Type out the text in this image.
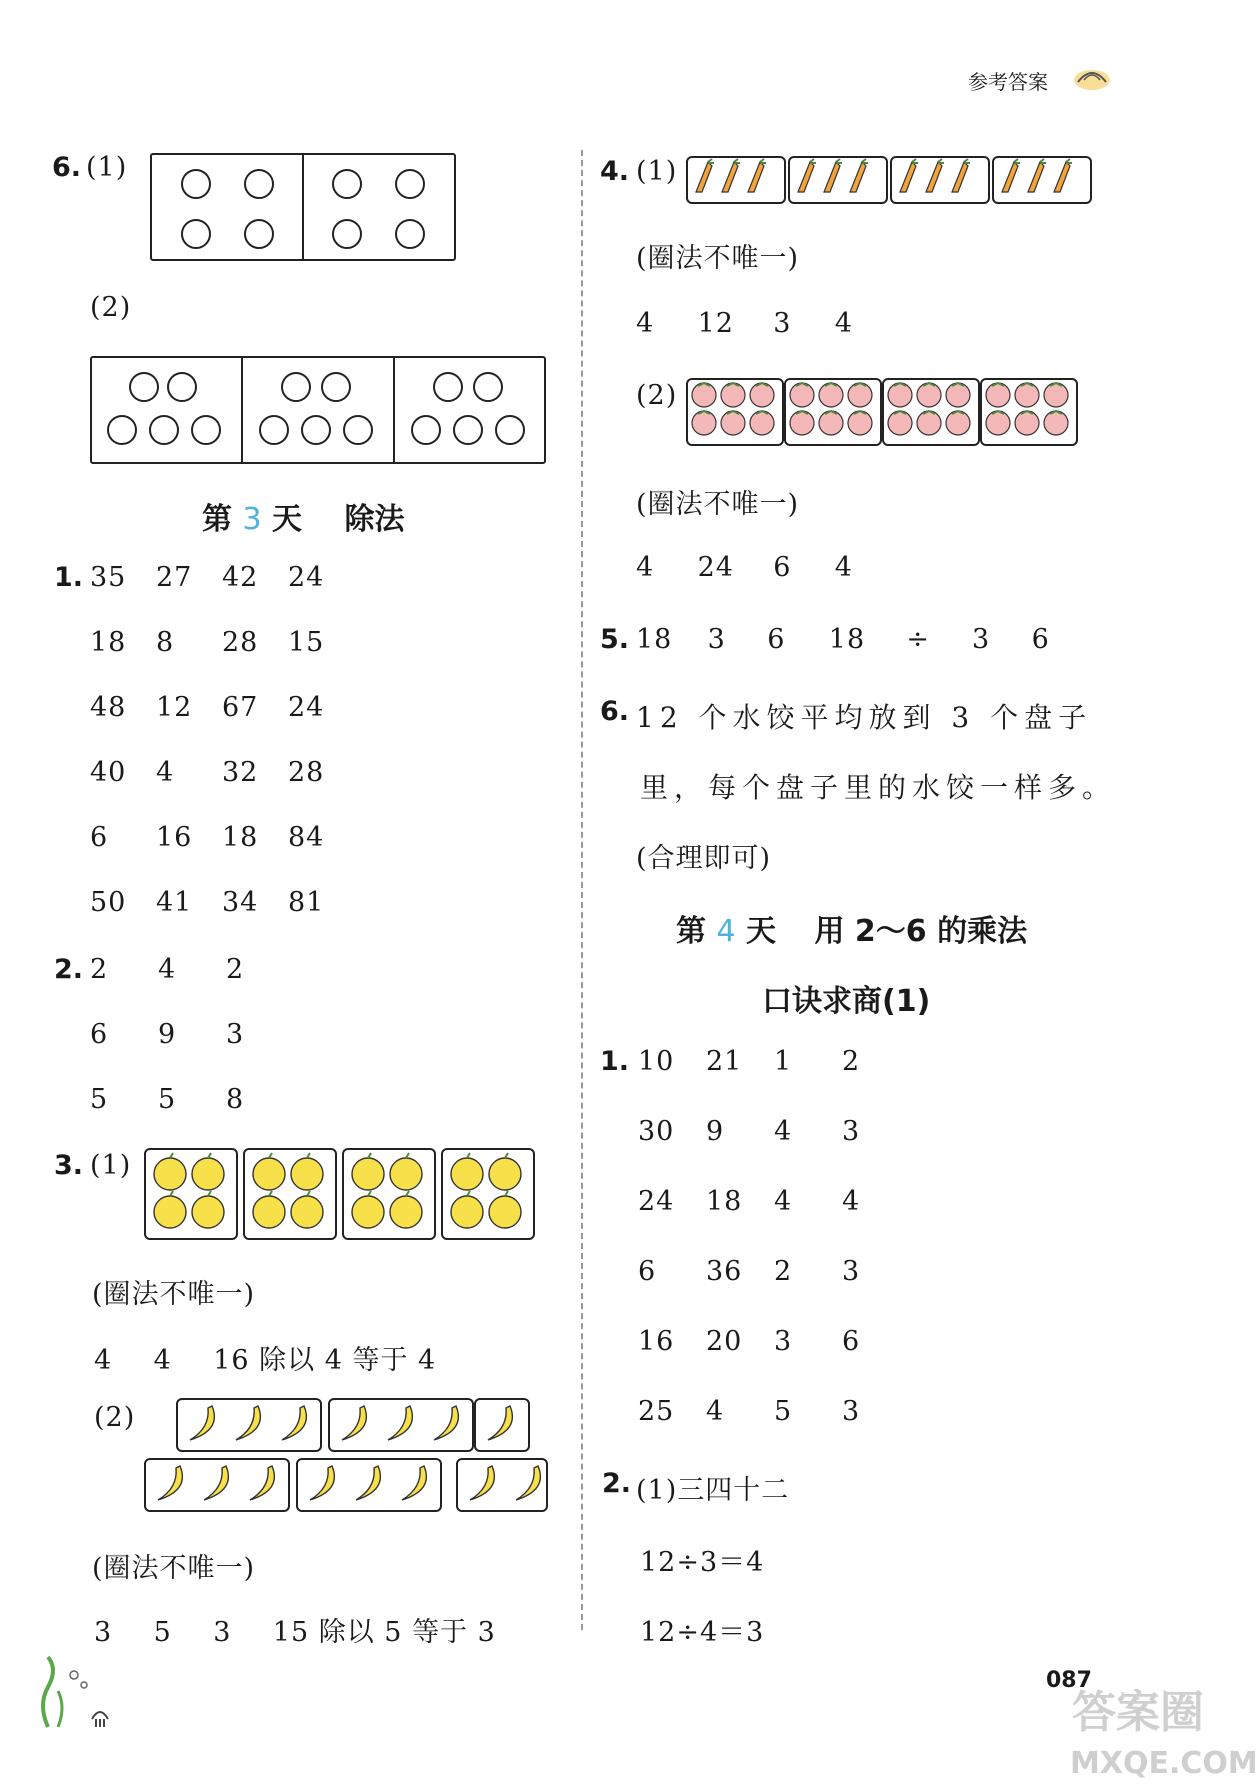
参考答案
6. (1)
(2)
第 3 天 除法
1. 35 27 42 24
18 8 28 15
48 12 67 24
40 4 32 28
6 16 18 84
50 41 34 81
2. 2 4 2
6 9 3
5 5 8
3. (1)
(圈法不唯一)
4 4 16 除以 4 等于 4
(2)
(圈法不唯一)
3 5 3 15 除以 5 等于 3
4. (1)
(圈法不唯一)
4 12 3 4
(2)
(圈法不唯一)
4 24 6 4
5. 18 3 6 18 ÷ 3 6
6. 12 个水饺平均放到 3 个盘子
里，每个盘子里的水饺一样多。
(合理即可)
第 4 天 用 2～6 的乘法
口诀求商(1)
1. 10 21 1 2
30 9 4 3
24 18 4 4
6 36 2 3
16 20 3 6
25 4 5 3
2. (1)三四十二
12÷3＝4
12÷4＝3
087
答案圈
MXQE.COM
